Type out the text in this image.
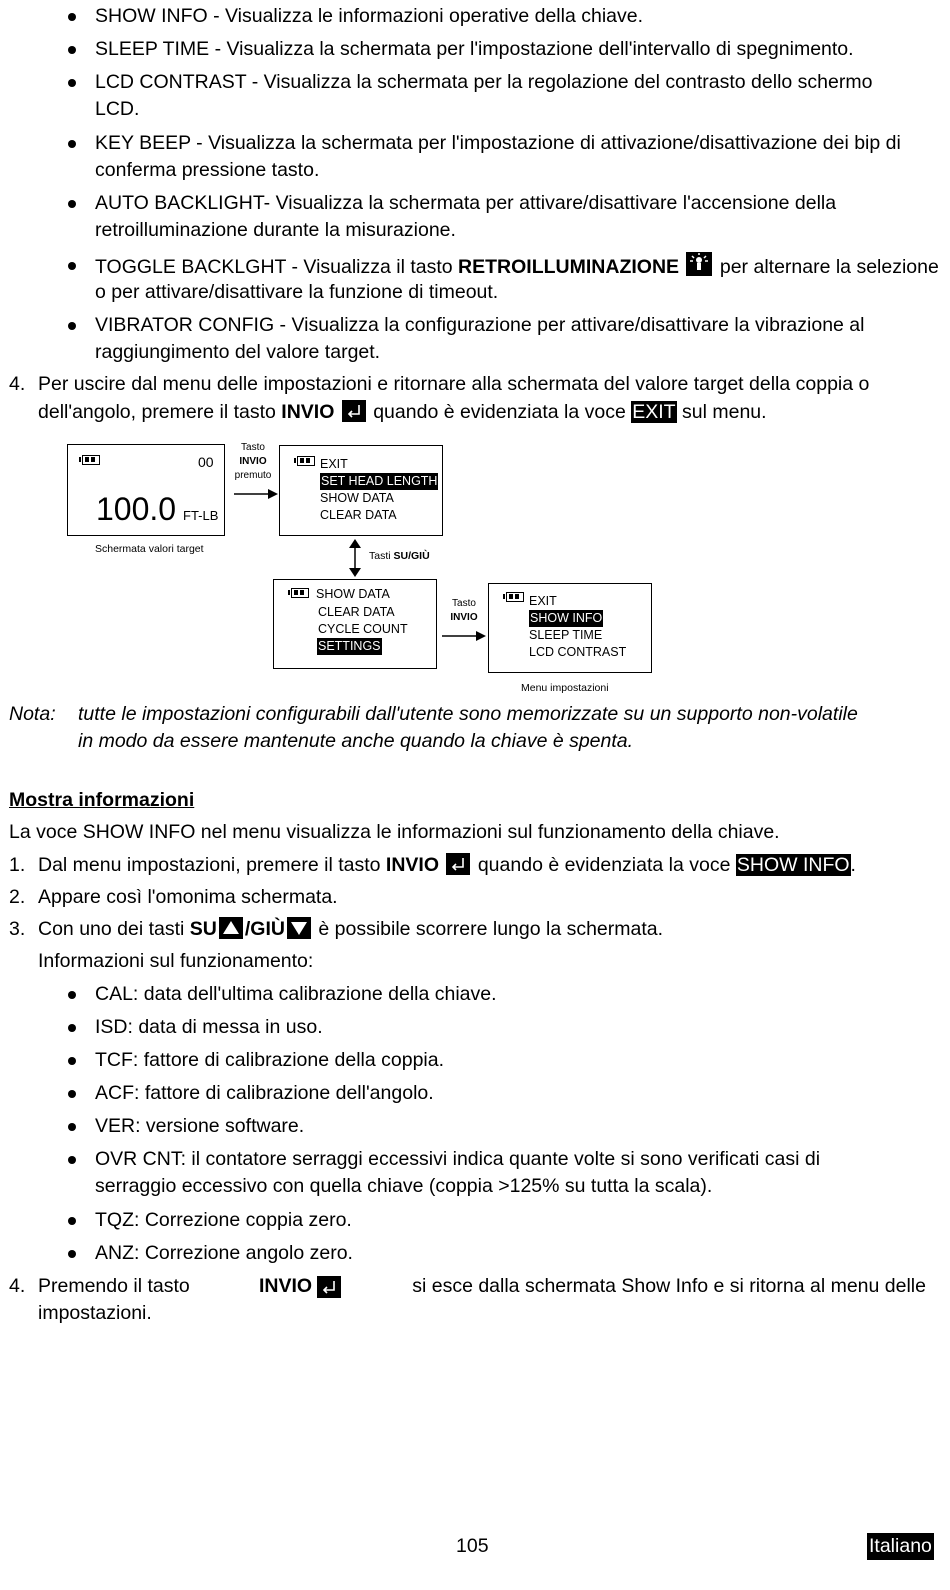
SHOW INFO - Visualizza le informazioni operative della chiave.
SLEEP TIME - Visualizza la schermata per l'impostazione dell'intervallo di spegnimento.
LCD CONTRAST - Visualizza la schermata per la regolazione del contrasto dello schermo
LCD.
KEY BEEP - Visualizza la schermata per l'impostazione di attivazione/disattivazione dei bip di
conferma pressione tasto.
AUTO BACKLIGHT- Visualizza la schermata per attivare/disattivare l'accensione della
retroilluminazione durante la misurazione.
TOGGLE BACKLGHT - Visualizza il tasto RETROILLUMINAZIONE
per alternare la selezione
o per attivare/disattivare la funzione di timeout.
VIBRATOR CONFIG - Visualizza la configurazione per attivare/disattivare la vibrazione al
raggiungimento del valore target.
4. Per uscire dal menu delle impostazioni e ritornare alla schermata del valore target della coppia o
dell'angolo, premere il tasto INVIO
quando è evidenziata la voce EXIT sul menu.
00
100.0 FT-LB
Schermata valori target
Tasto
INVIO
premuto
EXIT
SET HEAD LENGTH
SHOW DATA
CLEAR DATA
Tasti SU/GIÙ
SHOW DATA
CLEAR DATA
CYCLE COUNT
SETTINGS
Tasto
INVIO
EXIT
SHOW INFO
SLEEP TIME
LCD CONTRAST
Menu impostazioni
Nota: tutte le impostazioni configurabili dall'utente sono memorizzate su un supporto non-volatile
in modo da essere mantenute anche quando la chiave è spenta.
Mostra informazioni
La voce SHOW INFO nel menu visualizza le informazioni sul funzionamento della chiave.
1. Dal menu impostazioni, premere il tasto INVIO
quando è evidenziata la voce SHOW INFO.
2. Appare così l'omonima schermata.
3. Con uno dei tasti SU /GIÙ
è possibile scorrere lungo la schermata.
Informazioni sul funzionamento:
CAL: data dell'ultima calibrazione della chiave.
ISD: data di messa in uso.
TCF: fattore di calibrazione della coppia.
ACF: fattore di calibrazione dell'angolo.
VER: versione software.
OVR CNT: il contatore serraggi eccessivi indica quante volte si sono verificati casi di
serraggio eccessivo con quella chiave (coppia >125% su tutta la scala).
TQZ: Correzione coppia zero.
ANZ: Correzione angolo zero.
4. Premendo il tasto	INVIO	si esce dalla schermata Show Info e si ritorna al menu delle
impostazioni.
105	Italiano
